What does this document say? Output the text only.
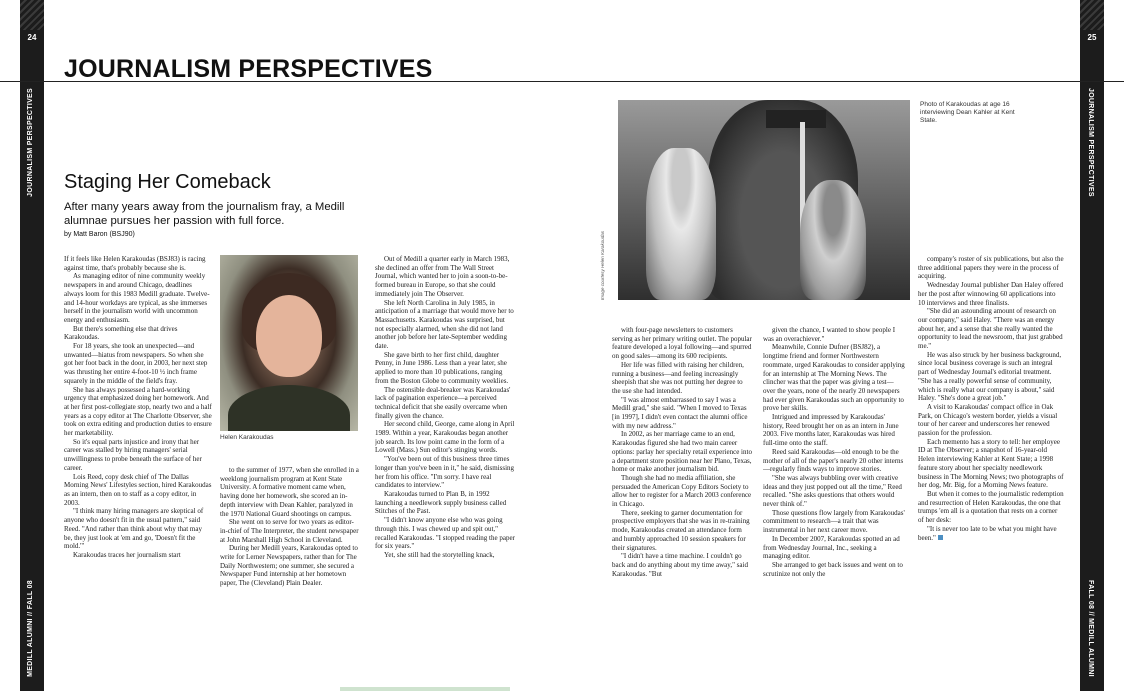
24
JOURNALISM PERSPECTIVES
MEDILL ALUMNI // FALL 08
25
JOURNALISM PERSPECTIVES
FALL 08 // MEDILL ALUMNI
JOURNALISM PERSPECTIVES
Staging Her Comeback
After many years away from the journalism fray, a Medill alumnae pursues her passion with full force.
by Matt Baron (BSJ90)
Helen Karakoudas
Image courtesy Helen Karakoudas
Photo of Karakoudas at age 16 interviewing Dean Kahler at Kent State.

If it feels like Helen Karakoudas (BSJ83) is racing against time, that's probably because she is.

As managing editor of nine community weekly newspapers in and around Chicago, deadlines always loom for this 1983 Medill graduate. Twelve- and 14-hour workdays are typical, as she immerses herself in the journalism world with uncommon energy and enthusiasm.

But there's something else that drives Karakoudas.

For 18 years, she took an unexpected—and unwanted—hiatus from newspapers. So when she got her foot back in the door, in 2003, her next step was thrusting her entire 4-foot-10 ½ inch frame squarely in the middle of the field's fray.

She has always possessed a hard-working urgency that emphasized doing her homework. And at her first post-collegiate stop, nearly two and a half years as a copy editor at The Charlotte Observer, she took on extra editing and production duties to ensure her marketability.

So it's equal parts injustice and irony that her career was stalled by hiring managers' serial unwillingness to probe beneath the surface of her career.

Lois Reed, copy desk chief of The Dallas Morning News' Lifestyles section, hired Karakoudas as an intern, then on to staff as a copy editor, in 2003.

"I think many hiring managers are skeptical of anyone who doesn't fit in the usual pattern," said Reed. "And rather than think about why that may be, they just look at 'em and go, 'Doesn't fit the mold.'"

Karakoudas traces her journalism start

to the summer of 1977, when she enrolled in a weeklong journalism program at Kent State University. A formative moment came when, having done her homework, she scored an in-depth interview with Dean Kahler, paralyzed in the 1970 National Guard shootings on campus.

She went on to serve for two years as editor-in-chief of The Interpreter, the student newspaper at John Marshall High School in Cleveland.

During her Medill years, Karakoudas opted to write for Lerner Newspapers, rather than for The Daily Northwestern; one summer, she secured a Newspaper Fund internship at her hometown paper, The (Cleveland) Plain Dealer.

Out of Medill a quarter early in March 1983, she declined an offer from The Wall Street Journal, which wanted her to join a soon-to-be-formed bureau in Europe, so that she could immediately join The Observer.

She left North Carolina in July 1985, in anticipation of a marriage that would move her to Massachusetts. Karakoudas was surprised, but not especially alarmed, when she did not land another job before her late-September wedding date.

She gave birth to her first child, daughter Penny, in June 1986. Less than a year later, she applied to more than 10 publications, ranging from the Boston Globe to community weeklies.

The ostensible deal-breaker was Karakoudas' lack of pagination experience—a perceived technical deficit that she easily overcame when finally given the chance.

Her second child, George, came along in April 1989. Within a year, Karakoudas began another job search. Its low point came in the form of a Lowell (Mass.) Sun editor's stinging words.

"You've been out of this business three times longer than you've been in it," he said, dismissing her from his office. "I'm sorry. I have real candidates to interview."

Karakoudas turned to Plan B, in 1992 launching a needlework supply business called Stitches of the Past.

"I didn't know anyone else who was going through this. I was chewed up and spit out," recalled Karakoudas. "I stopped reading the paper for six years."

Yet, she still had the storytelling knack,

with four-page newsletters to customers serving as her primary writing outlet. The popular feature developed a loyal following—and spurred on good sales—among its 600 recipients.

Her life was filled with raising her children, running a business—and feeling increasingly sheepish that she was not putting her degree to the use she had intended.

"I was almost embarrassed to say I was a Medill grad," she said. "When I moved to Texas [in 1997], I didn't even contact the alumni office with my new address."

In 2002, as her marriage came to an end, Karakoudas figured she had two main career options: parlay her specialty retail experience into a department store position near her Plano, Texas, home or make another journalism bid.

Though she had no media affiliation, she persuaded the American Copy Editors Society to allow her to register for a March 2003 conference in Chicago.

There, seeking to garner documentation for prospective employers that she was in re-training mode, Karakoudas created an attendance form and humbly approached 10 session speakers for their signatures.

"I didn't have a time machine. I couldn't go back and do anything about my time away," said Karakoudas. "But

given the chance, I wanted to show people I was an overachiever."

Meanwhile, Connie Dufner (BSJ82), a longtime friend and former Northwestern roommate, urged Karakoudas to consider applying for an internship at The Morning News. The clincher was that the paper was giving a test—over the years, none of the nearly 20 newspapers had ever given Karakoudas such an opportunity to prove her skills.

Intrigued and impressed by Karakoudas' history, Reed brought her on as an intern in June 2003. Five months later, Karakoudas was hired full-time onto the staff.

Reed said Karakoudas—old enough to be the mother of all of the paper's nearly 20 other interns—regularly finds ways to improve stories.

"She was always bubbling over with creative ideas and they just popped out all the time," Reed recalled. "She asks questions that others would never think of."

Those questions flow largely from Karakoudas' commitment to research—a trait that was instrumental in her next career move.

In December 2007, Karakoudas spotted an ad from Wednesday Journal, Inc., seeking a managing editor.

She arranged to get back issues and went on to scrutinize not only the

company's roster of six publications, but also the three additional papers they were in the process of acquiring.

Wednesday Journal publisher Dan Haley offered her the post after winnowing 60 applications into 10 interviews and three finalists.

"She did an astounding amount of research on our company," said Haley. "There was an energy about her, and a sense that she really wanted the opportunity to lead the newsroom, that just grabbed me."

He was also struck by her business background, since local business coverage is such an integral part of Wednesday Journal's editorial treatment. "She has a really powerful sense of community, which is really what our company is about," said Haley. "She's done a great job."

A visit to Karakoudas' compact office in Oak Park, on Chicago's western border, yields a visual tour of her career and underscores her renewed passion for the profession.

Each memento has a story to tell: her employee ID at The Observer; a snapshot of 16-year-old Helen interviewing Kahler at Kent State; a 1998 feature story about her specialty needlework business in The Morning News; two photographs of her dog, Mr. Big, for a Morning News feature.

But when it comes to the journalistic redemption and resurrection of Helen Karakoudas, the one that trumps 'em all is a quotation that rests on a corner of her desk:

"It is never too late to be what you might have been."
